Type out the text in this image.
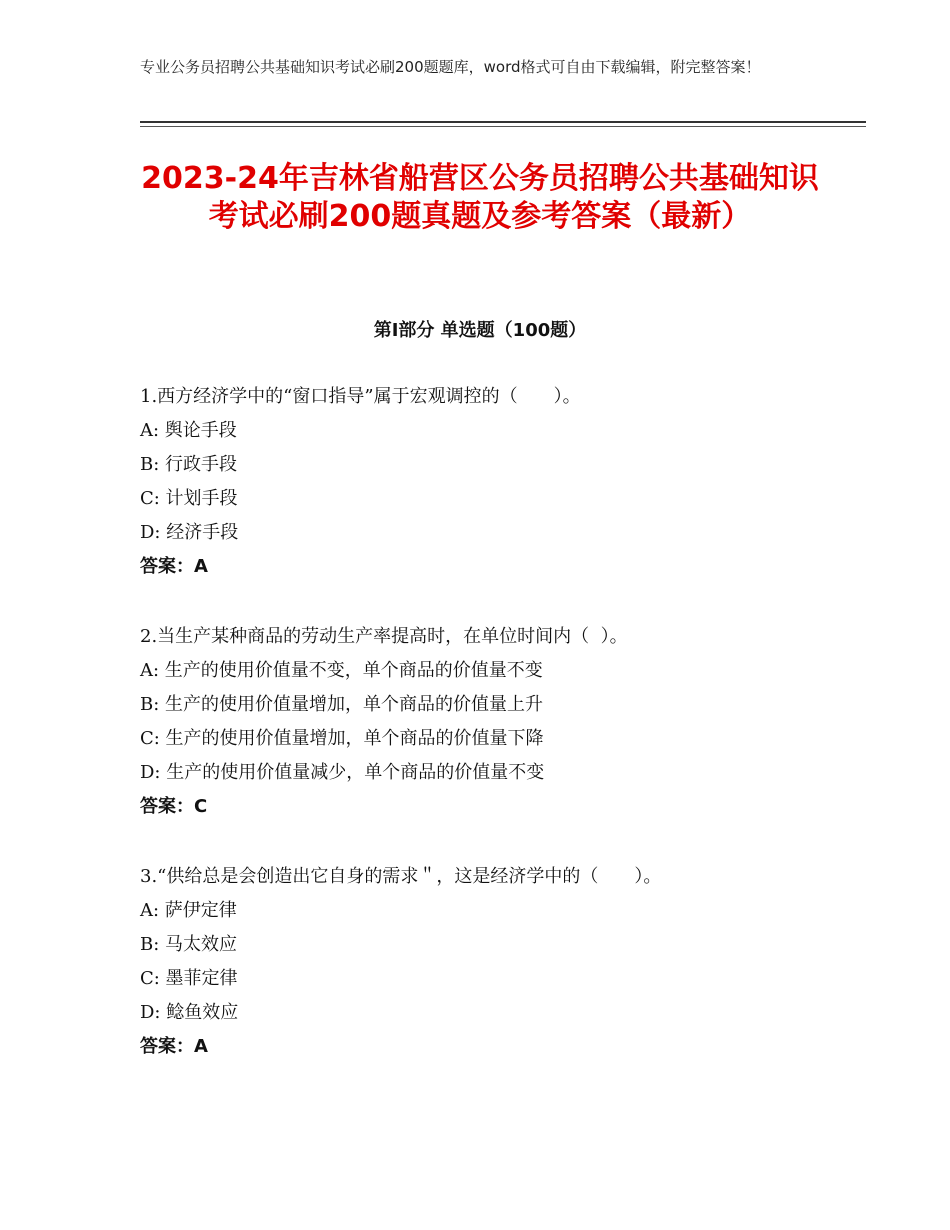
专业公务员招聘公共基础知识考试必刷200题题库，word格式可自由下载编辑，附完整答案！
2023-24年吉林省船营区公务员招聘公共基础知识考试必刷200题真题及参考答案（最新）
第Ⅰ部分 单选题（100题）
1.西方经济学中的“窗口指导”属于宏观调控的（　　）。
A: 舆论手段
B: 行政手段
C: 计划手段
D: 经济手段
答案：A
2.当生产某种商品的劳动生产率提高时，在单位时间内（  ）。
A: 生产的使用价值量不变，单个商品的价值量不变
B: 生产的使用价值量增加，单个商品的价值量上升
C: 生产的使用价值量增加，单个商品的价值量下降
D: 生产的使用价值量减少，单个商品的价值量不变
答案：C
3.“供给总是会创造出它自身的需求＂，这是经济学中的（　　）。
A: 萨伊定律
B: 马太效应
C: 墨菲定律
D: 鲶鱼效应
答案：A
